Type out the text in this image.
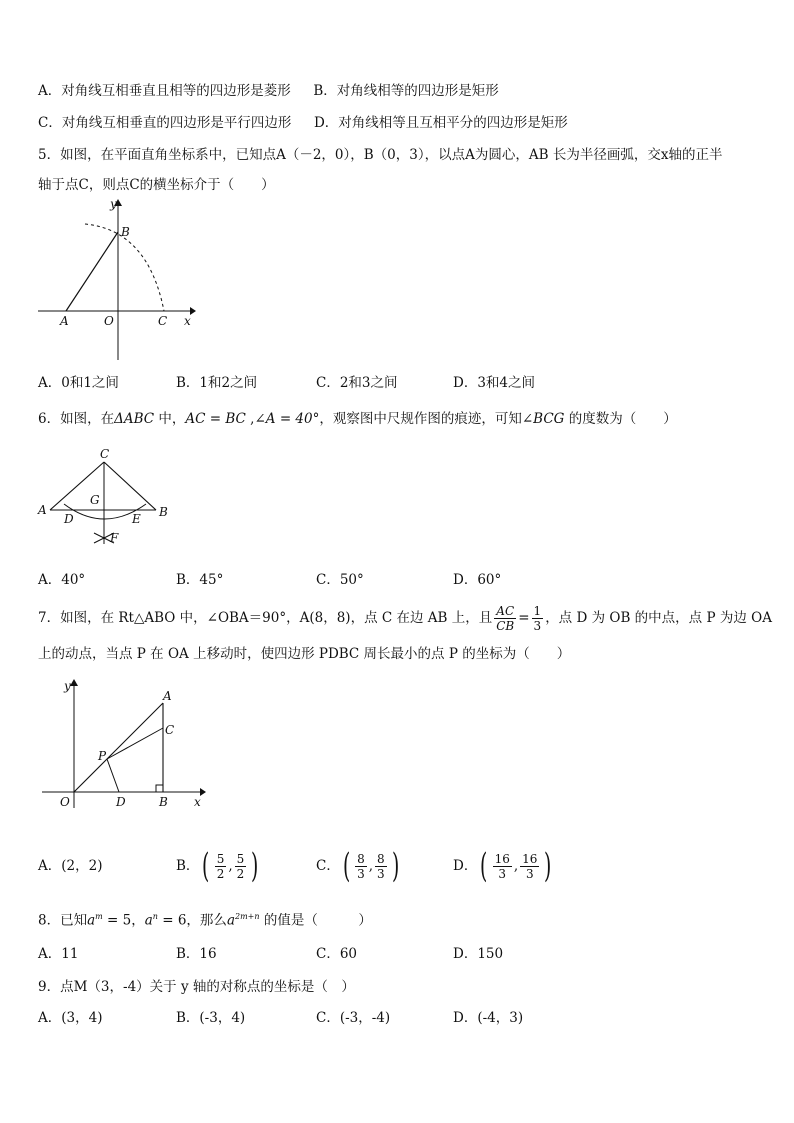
A．对角线互相垂直且相等的四边形是菱形 B．对角线相等的四边形是矩形
C．对角线互相垂直的四边形是平行四边形 D．对角线相等且互相平分的四边形是矩形
5．如图，在平面直角坐标系中，已知点A（－2，0），B（0，3），以点A为圆心，AB 长为半径画弧，交x轴的正半
轴于点C，则点C的横坐标介于（　　）
y
B
A	O	C x
A．0和1之间	B．1和2之间	C．2和3之间	D．3和4之间
6．如图，在ΔABC 中，AC = BC ,∠A = 40°，观察图中尺规作图的痕迹，可知∠BCG 的度数为（　　）
C
A	B
G
D	E
F
A．40°	B．45°	C．50°	D．60°
7．如图，在 Rt△ABO 中，∠OBA＝90°，A(8，8)，点 C 在边 AB 上，且 $\frac{AC}{CB} = \frac{1}{3}$ ，点 D 为 OB 的中点，点 P 为边 OA
上的动点，当点 P 在 OA 上移动时，使四边形 PDBC 周长最小的点 P 的坐标为（　　）
y
A
C
P
O	D	B x
A．(2，2)	B． ( $\frac{5}{2}$ , $\frac{5}{2}$ )	C． ( $\frac{8}{3}$ , $\frac{8}{3}$ )	D． ( $\frac{16}{3}$ , $\frac{16}{3}$ )
8．已知$a^m = 5$，$a^n = 6$，那么$a^{2m+n}$ 的值是（　　　）
A．11	B．16	C．60	D．150
9．点M（3，-4）关于 y 轴的对称点的坐标是（　）
A．(3，4)	B．(-3，4)	C．(-3，-4)	D．(-4，3)
